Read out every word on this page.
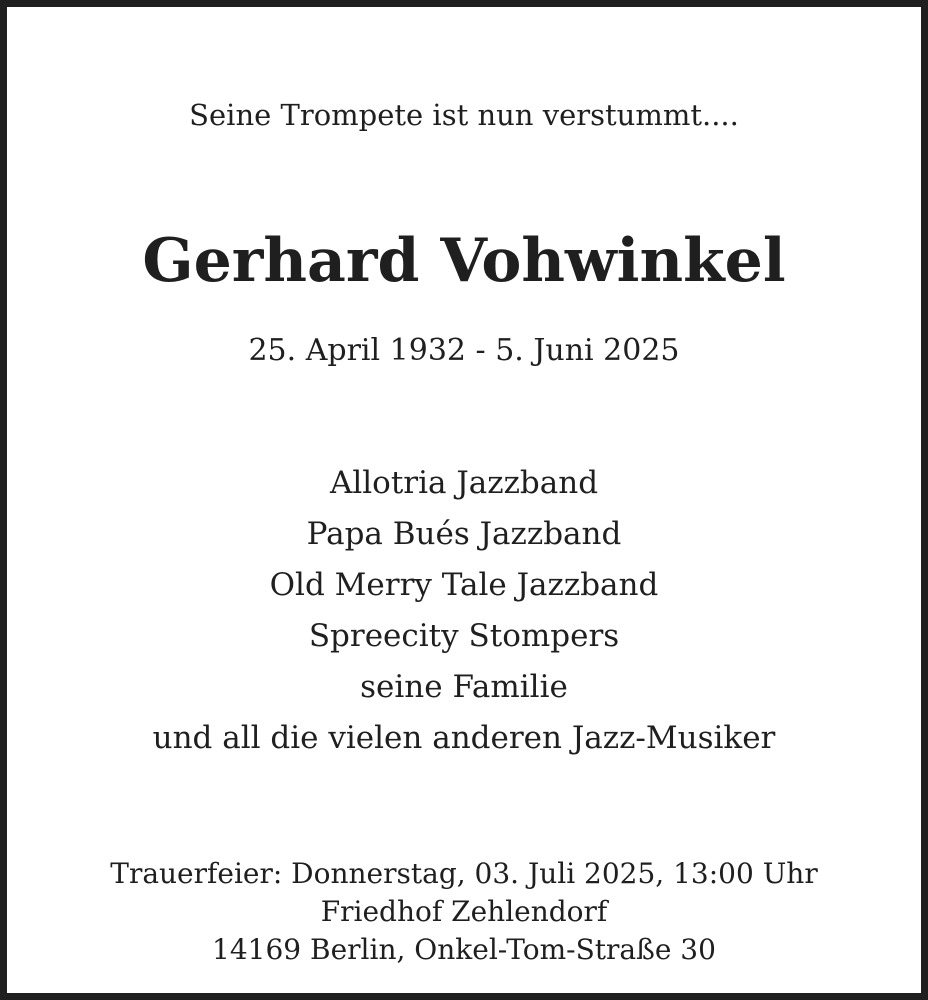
Seine Trompete ist nun verstummt....
Gerhard Vohwinkel
25. April 1932 - 5. Juni 2025
Allotria Jazzband
Papa Bués Jazzband
Old Merry Tale Jazzband
Spreecity Stompers
seine Familie
und all die vielen anderen Jazz-Musiker
Trauerfeier: Donnerstag, 03. Juli 2025, 13:00 Uhr
Friedhof Zehlendorf
14169 Berlin, Onkel-Tom-Straße 30
